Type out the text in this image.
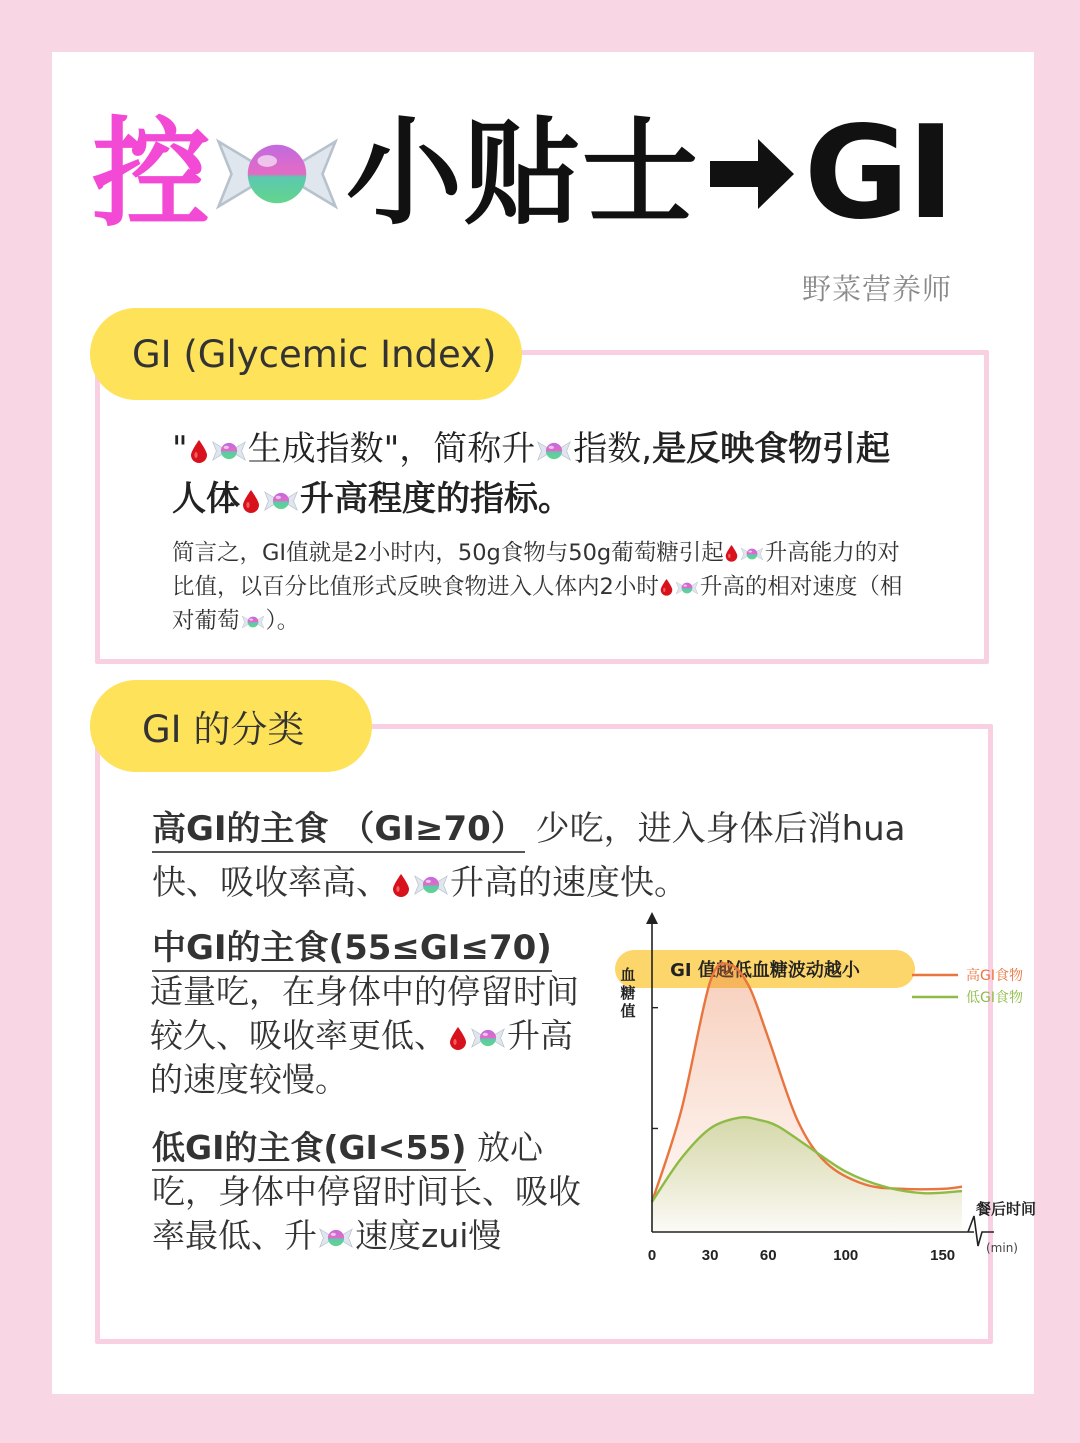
控 小贴士 GI
野菜营养师
GI (Glycemic Index)
" 生成指数"，简称升 指数,是反映食物引起人体 升高程度的指标。
简言之，GI值就是2小时内，50g食物与50g葡萄糖引起 升高能力的对比值，以百分比值形式反映食物进入人体内2小时 升高的相对速度（相对葡萄 ）。
GI 的分类
高GI的主食 （GI≥70） 少吃，进入身体后消hua快、吸收率高、 升高的速度快。
中GI的主食(55≤GI≤70)
适量吃，在身体中的停留时间较久、吸收率更低、 升高的速度较慢。
低GI的主食(GI<55) 放心吃，身体中停留时间长、吸收率最低、升 速度zui慢
GI 值越低血糖波动越小
0	30	60	100	150
血
糖
值
餐后时间
(min)
高GI食物
低GI食物
